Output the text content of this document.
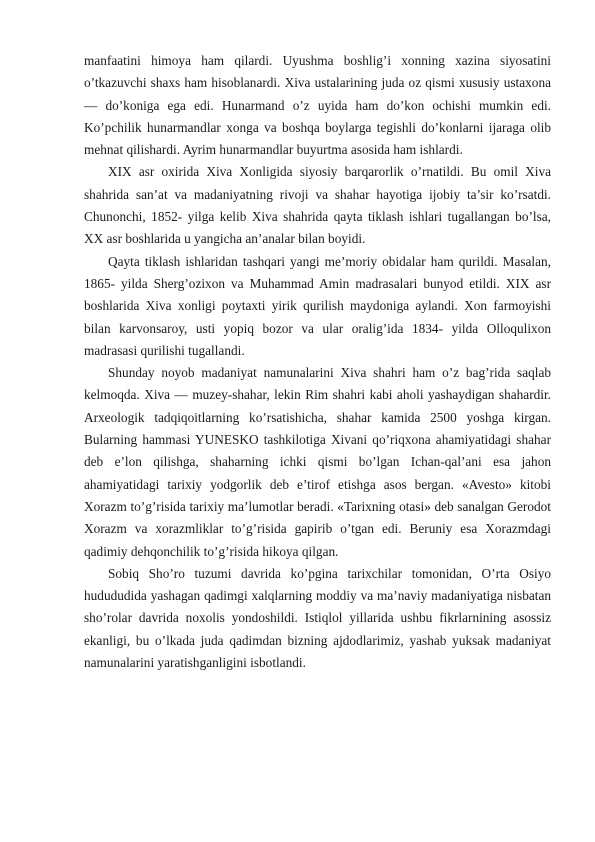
manfaatini himoya ham qilardi. Uyushma boshlig’i xonning xazina siyosatini o’tkazuvchi shaxs ham hisoblanardi. Xiva ustalarining juda oz qismi xususiy ustaxona — do’koniga ega edi. Hunarmand o’z uyida ham do’kon ochishi mumkin edi. Ko’pchilik hunarmandlar xonga va boshqa boylarga tegishli do’konlarni ijaraga olib mehnat qilishardi. Ayrim hunarmandlar buyurtma asosida ham ishlardi.

XIX asr oxirida Xiva Xonligida siyosiy barqarorlik o’rnatildi. Bu omil Xiva shahrida san’at va madaniyatning rivoji va shahar hayotiga ijobiy ta’sir ko’rsatdi. Chunonchi, 1852- yilga kelib Xiva shahrida qayta tiklash ishlari tugallangan bo’lsa, XX asr boshlarida u yangicha an’analar bilan boyidi.

Qayta tiklash ishlaridan tashqari yangi me’moriy obidalar ham qurildi. Masalan, 1865- yilda Sherg’ozixon va Muhammad Amin madrasalari bunyod etildi. XIX asr boshlarida Xiva xonligi poytaxti yirik qurilish maydoniga aylandi. Xon farmoyishi bilan karvonsaroy, usti yopiq bozor va ular oralig’ida 1834- yilda Olloqulixon madrasasi qurilishi tugallandi.

Shunday noyob madaniyat namunalarini Xiva shahri ham o’z bag’rida saqlab kelmoqda. Xiva — muzey-shahar, lekin Rim shahri kabi aholi yashaydigan shahardir. Arxeologik tadqiqoitlarning ko’rsatishicha, shahar kamida 2500 yoshga kirgan. Bularning hammasi YUNESKO tashkilotiga Xivani qo’riqxona ahamiyatidagi shahar deb e’lon qilishga, shaharning ichki qismi bo’lgan Ichan-qal’ani esa jahon ahamiyatidagi tarixiy yodgorlik deb e’tirof etishga asos bergan. «Avesto» kitobi Xorazm to’g’risida tarixiy ma’lumotlar beradi. «Tarixning otasi» deb sanalgan Gerodot Xorazm va xorazmliklar to’g’risida gapirib o’tgan edi. Beruniy esa Xorazmdagi qadimiy dehqonchilik to’g’risida hikoya qilgan.

Sobiq Sho’ro tuzumi davrida ko’pgina tarixchilar tomonidan, O’rta Osiyo hudududida yashagan qadimgi xalqlarning moddiy va ma’naviy madaniyatiga nisbatan sho’rolar davrida noxolis yondoshildi. Istiqlol yillarida ushbu fikrlarnining asossiz ekanligi, bu o’lkada juda qadimdan bizning ajdodlarimiz, yashab yuksak madaniyat namunalarini yaratishganligini isbotlandi.
